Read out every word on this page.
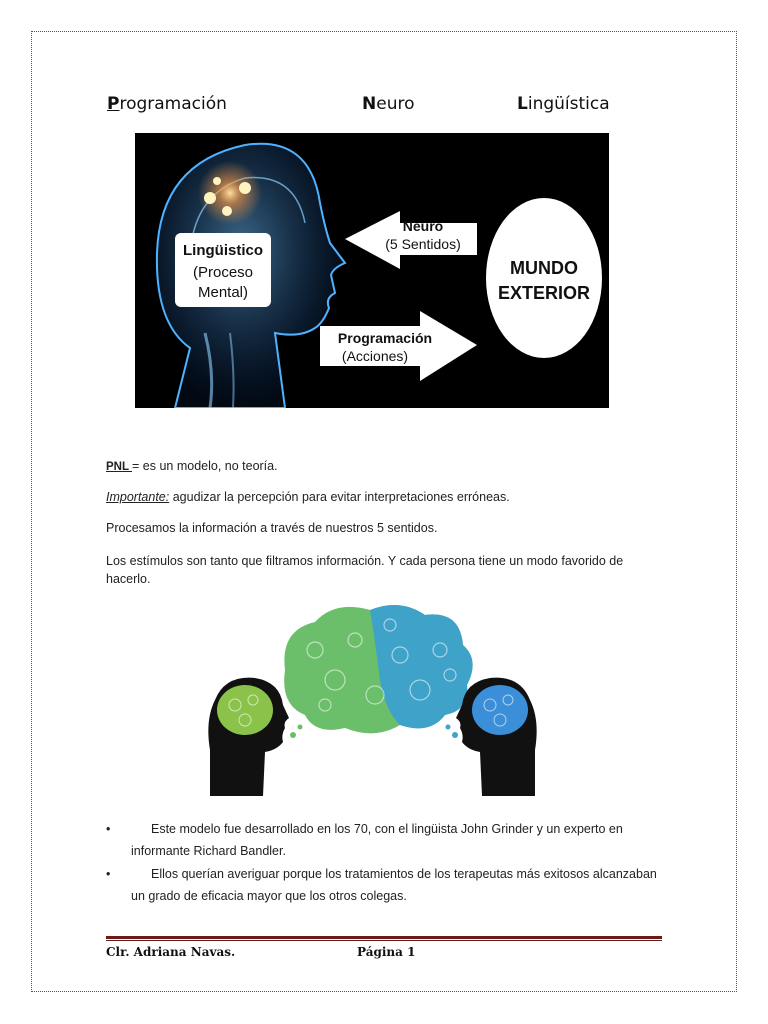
Programación	Neuro	Lingüística
Lingüistico
(Proceso
Mental)
Neuro
(5 Sentidos)
Programación
(Acciones)
MUNDO
EXTERIOR
PNL = es un modelo, no teoría.
Importante: agudizar la percepción para evitar interpretaciones erróneas.
Procesamos la información a través de nuestros 5 sentidos.
Los estímulos son tanto que filtramos información. Y cada persona tiene un modo favorido de hacerlo.
•	Este modelo fue desarrollado en los 70, con el lingüista John Grinder y un experto en informante Richard Bandler.
•	Ellos querían averiguar porque los tratamientos de los terapeutas más exitosos alcanzaban un grado de eficacia mayor que los otros colegas.
Clr. Adriana Navas.	Página 1
